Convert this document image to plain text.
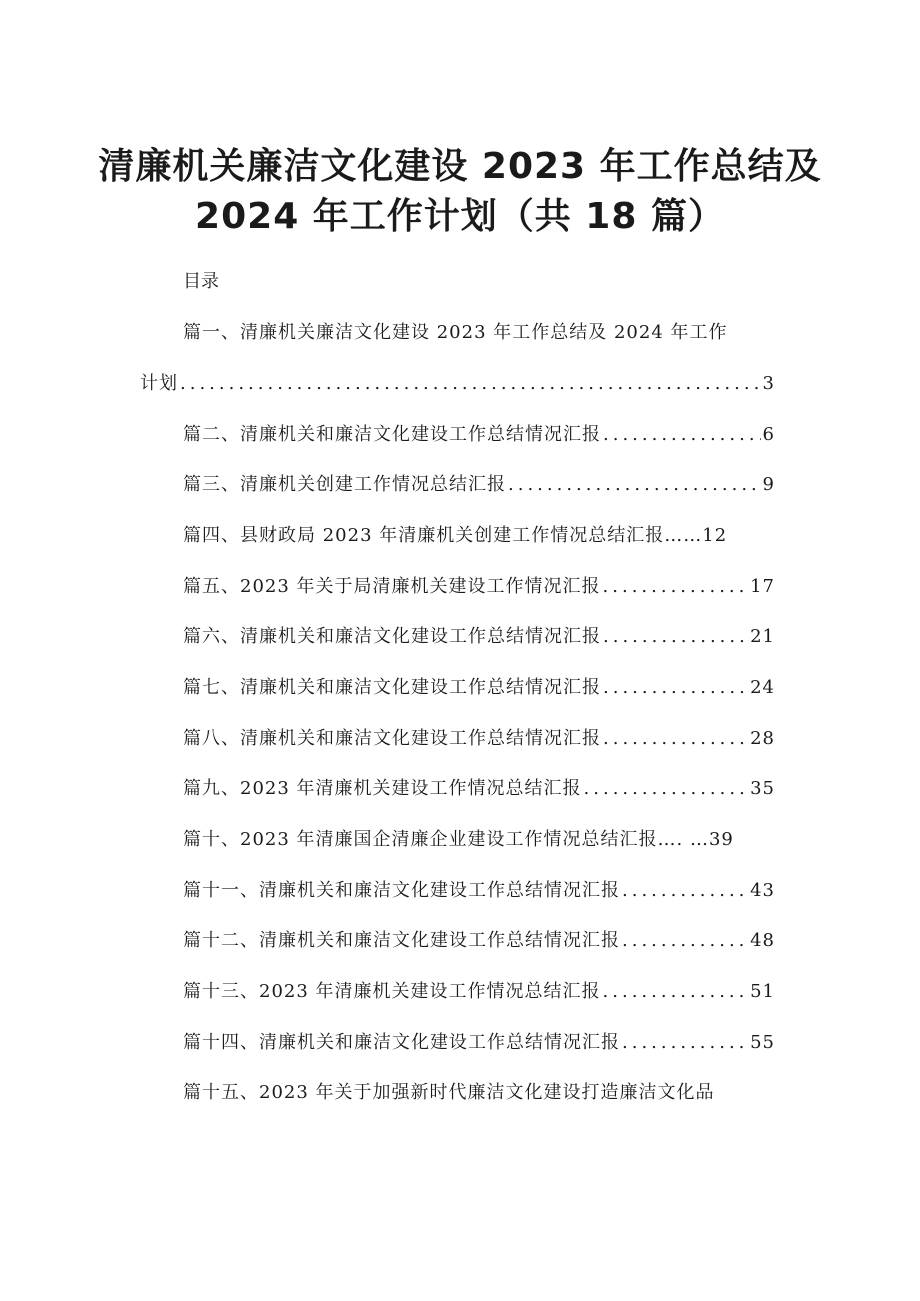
清廉机关廉洁文化建设 2023 年工作总结及
2024 年工作计划（共 18 篇）
目录
篇一、清廉机关廉洁文化建设 2023 年工作总结及 2024 年工作
计划 .....	3
篇二、清廉机关和廉洁文化建设工作总结情况汇报 .....	6
篇三、清廉机关创建工作情况总结汇报 .....	9
篇四、县财政局 2023 年清廉机关创建工作情况总结汇报……12
篇五、2023 年关于局清廉机关建设工作情况汇报 .....	17
篇六、清廉机关和廉洁文化建设工作总结情况汇报 .....	21
篇七、清廉机关和廉洁文化建设工作总结情况汇报 .....	24
篇八、清廉机关和廉洁文化建设工作总结情况汇报 .....	28
篇九、2023 年清廉机关建设工作情况总结汇报 .....	35
篇十、2023 年清廉国企清廉企业建设工作情况总结汇报…. …39
篇十一、清廉机关和廉洁文化建设工作总结情况汇报 .....	43
篇十二、清廉机关和廉洁文化建设工作总结情况汇报 .....	48
篇十三、2023 年清廉机关建设工作情况总结汇报 .....	51
篇十四、清廉机关和廉洁文化建设工作总结情况汇报 .....	55
篇十五、2023 年关于加强新时代廉洁文化建设打造廉洁文化品
